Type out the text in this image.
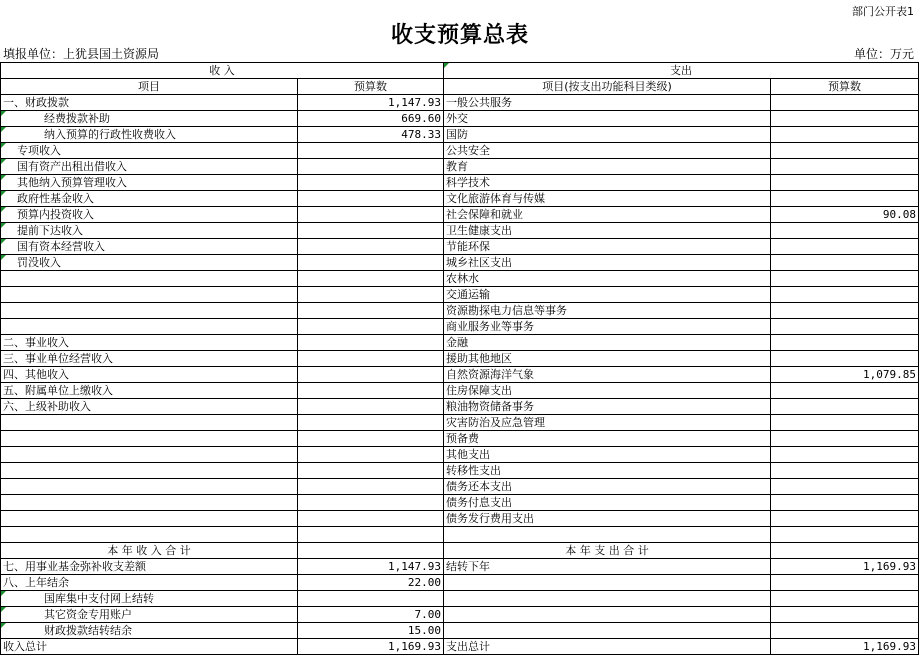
部门公开表1
收支预算总表
填报单位：上犹县国土资源局	单位：万元
收 入		支出	
项目	预算数	项目(按支出功能科目类级)	预算数
一、财政拨款	1,147.93	一般公共服务	
经费拨款补助	669.60	外交	
纳入预算的行政性收费收入	478.33	国防	
专项收入		公共安全	
国有资产出租出借收入		教育	
其他纳入预算管理收入		科学技术	
政府性基金收入		文化旅游体育与传媒	
预算内投资收入		社会保障和就业	90.08
提前下达收入		卫生健康支出	
国有资本经营收入		节能环保	
罚没收入		城乡社区支出	
		农林水	
		交通运输	
		资源勘探电力信息等事务	
		商业服务业等事务	
二、事业收入		金融	
三、事业单位经营收入		援助其他地区	
四、其他收入		自然资源海洋气象	1,079.85
五、附属单位上缴收入		住房保障支出	
六、上级补助收入		粮油物资储备事务	
		灾害防治及应急管理	
		预备费	
		其他支出	
		转移性支出	
		债务还本支出	
		债务付息支出	
		债务发行费用支出	

本 年 收 入 合 计		本 年 支 出 合 计	
七、用事业基金弥补收支差额	1,147.93	结转下年	1,169.93
八、上年结余	22.00		
国库集中支付网上结转			
其它资金专用账户	7.00		
财政拨款结转结余	15.00		
收入总计	1,169.93	支出总计	1,169.93
